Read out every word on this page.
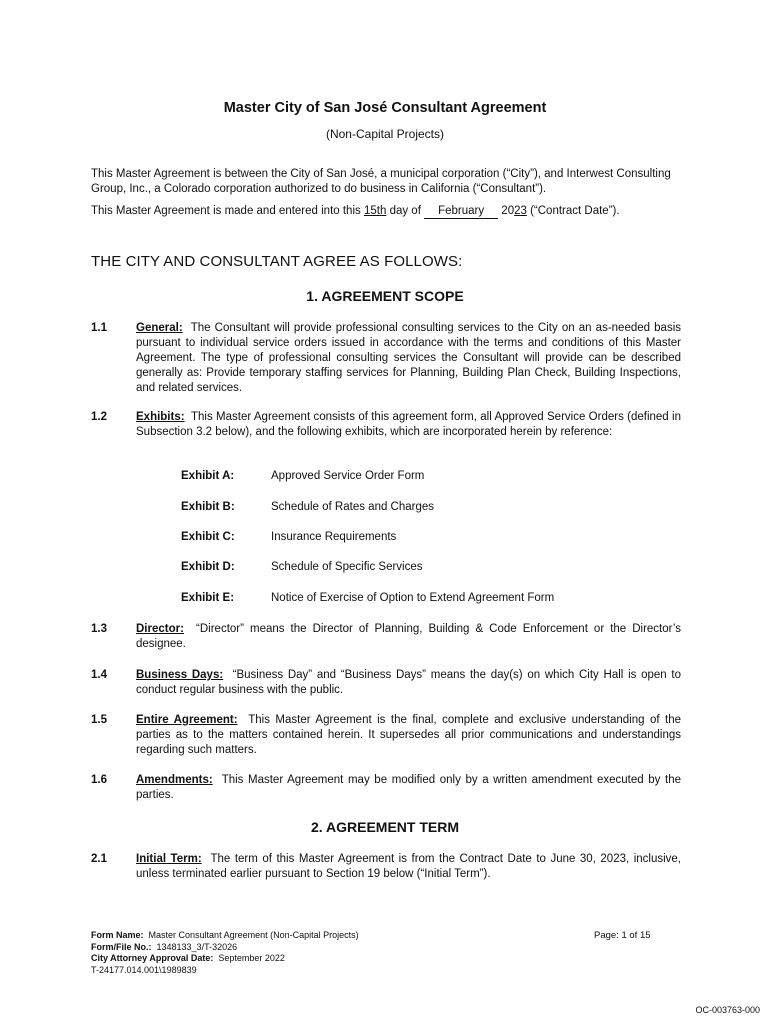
Master City of San José Consultant Agreement
(Non-Capital Projects)
This Master Agreement is between the City of San José, a municipal corporation (“City”), and Interwest Consulting Group, Inc., a Colorado corporation authorized to do business in California (“Consultant”).
This Master Agreement is made and entered into this 15th day of February 2023 (“Contract Date”).
THE CITY AND CONSULTANT AGREE AS FOLLOWS:
1. AGREEMENT SCOPE
1.1	General: The Consultant will provide professional consulting services to the City on an as-needed basis pursuant to individual service orders issued in accordance with the terms and conditions of this Master Agreement. The type of professional consulting services the Consultant will provide can be described generally as: Provide temporary staffing services for Planning, Building Plan Check, Building Inspections, and related services.
1.2	Exhibits: This Master Agreement consists of this agreement form, all Approved Service Orders (defined in Subsection 3.2 below), and the following exhibits, which are incorporated herein by reference:
Exhibit A:	Approved Service Order Form
Exhibit B:	Schedule of Rates and Charges
Exhibit C:	Insurance Requirements
Exhibit D:	Schedule of Specific Services
Exhibit E:	Notice of Exercise of Option to Extend Agreement Form
1.3	Director: “Director” means the Director of Planning, Building & Code Enforcement or the Director’s designee.
1.4	Business Days: “Business Day” and “Business Days” means the day(s) on which City Hall is open to conduct regular business with the public.
1.5	Entire Agreement: This Master Agreement is the final, complete and exclusive understanding of the parties as to the matters contained herein. It supersedes all prior communications and understandings regarding such matters.
1.6	Amendments: This Master Agreement may be modified only by a written amendment executed by the parties.
2. AGREEMENT TERM
2.1	Initial Term: The term of this Master Agreement is from the Contract Date to June 30, 2023, inclusive, unless terminated earlier pursuant to Section 19 below (“Initial Term”).
Form Name: Master Consultant Agreement (Non-Capital Projects)
Form/File No.: 1348133_3/T-32026
City Attorney Approval Date: September 2022
T-24177.014.001\1989839
Page: 1 of 15
OC-003763-000
